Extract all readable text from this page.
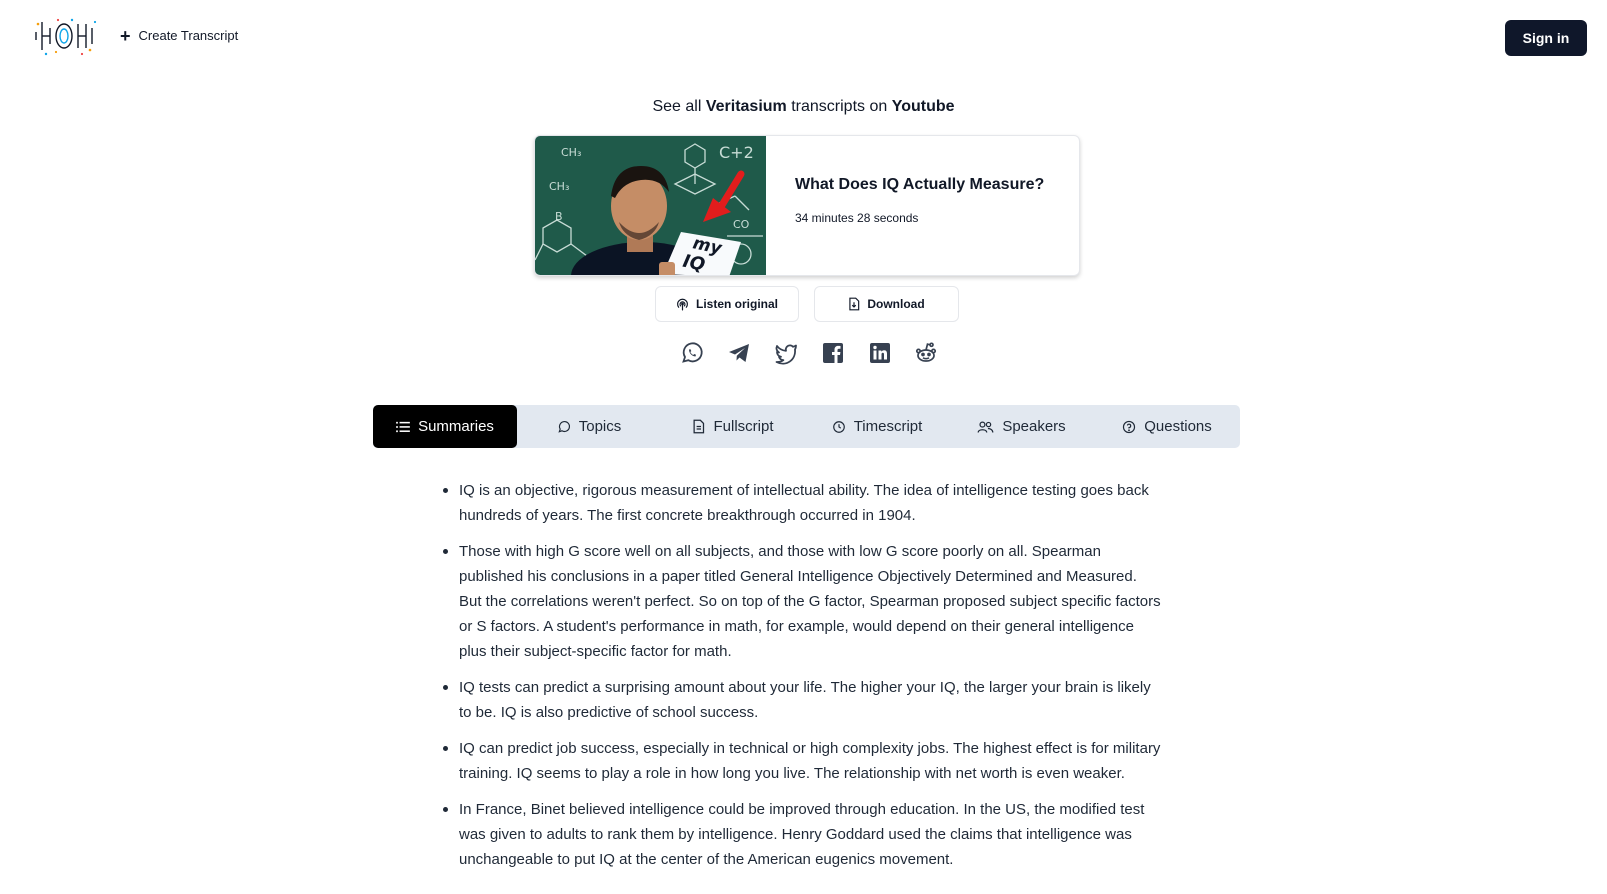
+ Create Transcript	Sign in
See all Veritasium transcripts on Youtube
CH₃
CH₃
C+2
CO
B
my
IQ
What Does IQ Actually Measure?
34 minutes 28 seconds
Listen original	Download
Summaries	Topics	Fullscript	Timescript	Speakers	Questions
IQ is an objective, rigorous measurement of intellectual ability. The idea of intelligence testing goes back hundreds of years. The first concrete breakthrough occurred in 1904.
Those with high G score well on all subjects, and those with low G score poorly on all. Spearman published his conclusions in a paper titled General Intelligence Objectively Determined and Measured. But the correlations weren't perfect. So on top of the G factor, Spearman proposed subject specific factors or S factors. A student's performance in math, for example, would depend on their general intelligence plus their subject-specific factor for math.
IQ tests can predict a surprising amount about your life. The higher your IQ, the larger your brain is likely to be. IQ is also predictive of school success.
IQ can predict job success, especially in technical or high complexity jobs. The highest effect is for military training. IQ seems to play a role in how long you live. The relationship with net worth is even weaker.
In France, Binet believed intelligence could be improved through education. In the US, the modified test was given to adults to rank them by intelligence. Henry Goddard used the claims that intelligence was unchangeable to put IQ at the center of the American eugenics movement.
